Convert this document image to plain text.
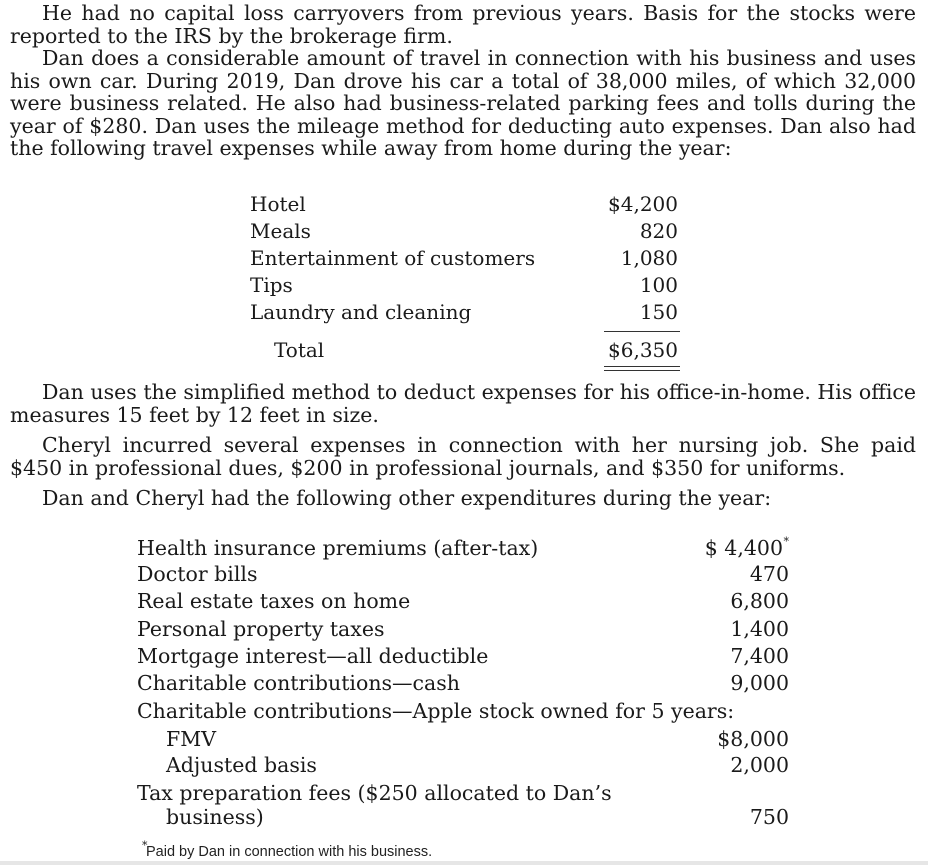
He had no capital loss carryovers from previous years. Basis for the stocks were reported to the IRS by the brokerage firm.

Dan does a considerable amount of travel in connection with his business and uses his own car. During 2019, Dan drove his car a total of 38,000 miles, of which 32,000 were business related. He also had business-related parking fees and tolls during the year of $280. Dan uses the mileage method for deducting auto expenses. Dan also had the following travel expenses while away from home during the year:

Hotel	$4,200
Meals	820
Entertainment of customers	1,080
Tips	100
Laundry and cleaning	150
Total	$6,350

Dan uses the simplified method to deduct expenses for his office-in-home. His office measures 15 feet by 12 feet in size.

Cheryl incurred several expenses in connection with her nursing job. She paid $450 in professional dues, $200 in professional journals, and $350 for uniforms.

Dan and Cheryl had the following other expenditures during the year:

Health insurance premiums (after-tax)	$ 4,400 *
Doctor bills	470
Real estate taxes on home	6,800
Personal property taxes	1,400
Mortgage interest—all deductible	7,400
Charitable contributions—cash	9,000
Charitable contributions—Apple stock owned for 5 years:
FMV	$8,000
Adjusted basis	2,000
Tax preparation fees ($250 allocated to Dan’s
business)	750
*
Paid by Dan in connection with his business.
